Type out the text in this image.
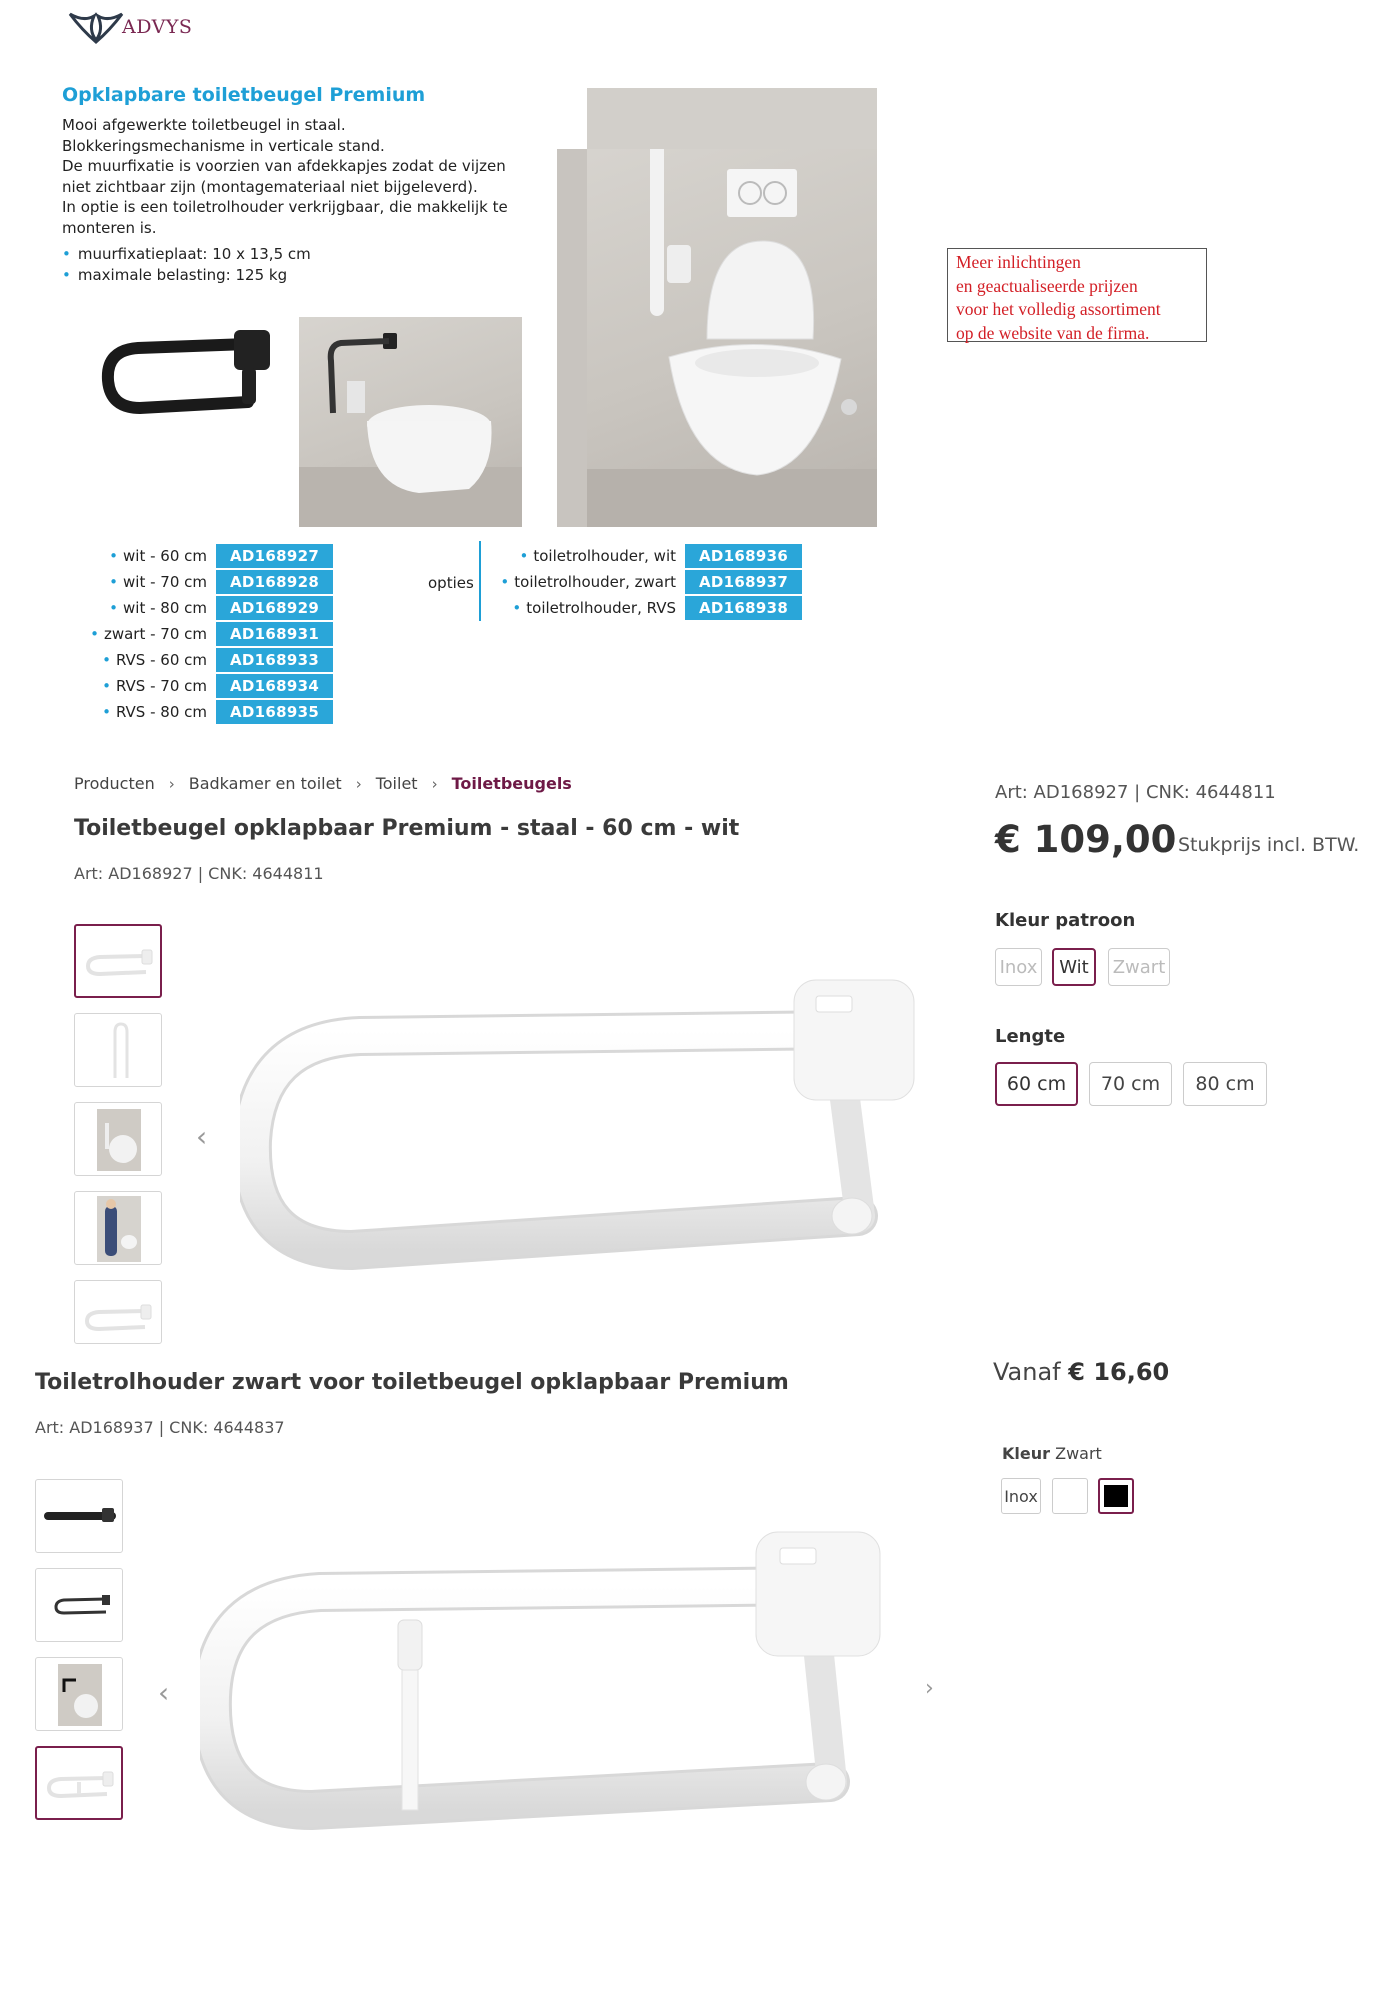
ADVYS
Opklapbare toiletbeugel Premium
Mooi afgewerkte toiletbeugel in staal.
Blokkeringsmechanisme in verticale stand.
De muurfixatie is voorzien van afdekkapjes zodat de vijzen niet zichtbaar zijn (montagemateriaal niet bijgeleverd).
In optie is een toiletrolhouder verkrijgbaar, die makkelijk te monteren is.
• muurfixatieplaat: 10 x 13,5 cm
• maximale belasting: 125 kg
• wit - 60 cm	AD168927
• wit - 70 cm	AD168928
• wit - 80 cm	AD168929
• zwart - 70 cm	AD168931
• RVS - 60 cm	AD168933
• RVS - 70 cm	AD168934
• RVS - 80 cm	AD168935
opties
• toiletrolhouder, wit	AD168936
• toiletrolhouder, zwart	AD168937
• toiletrolhouder, RVS	AD168938
Meer inlichtingen
en geactualiseerde prijzen
voor het volledig assortiment
op de website van de firma.
Producten › Badkamer en toilet › Toilet › Toiletbeugels
Toiletbeugel opklapbaar Premium - staal - 60 cm - wit
Art: AD168927 | CNK: 4644811
Art: AD168927 | CNK: 4644811
€ 109,00 Stukprijs incl. BTW.
Kleur patroon
Inox	Wit	Zwart
Lengte
60 cm	70 cm	80 cm
‹
Toiletrolhouder zwart voor toiletbeugel opklapbaar Premium
Art: AD168937 | CNK: 4644837
Vanaf € 16,60
Kleur Zwart
Inox
‹	›
